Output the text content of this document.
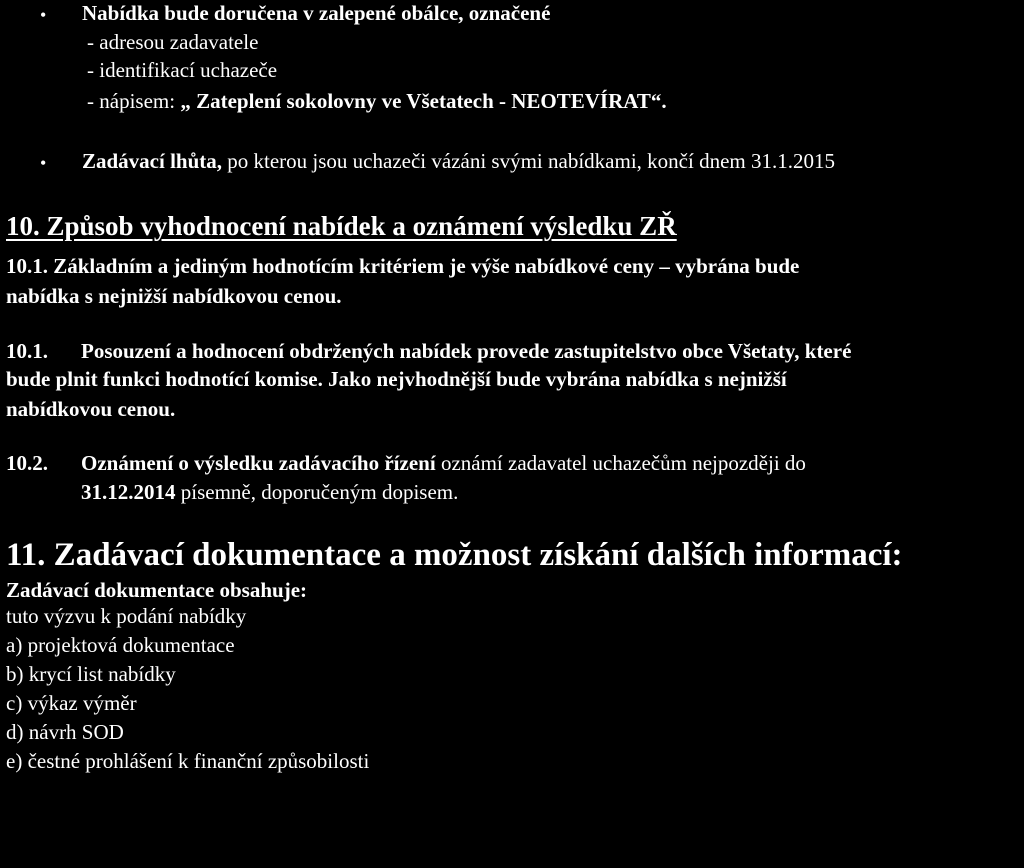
• Nabídka bude doručena v zalepené obálce, označené
- adresou zadavatele
- identifikací uchazeče
- nápisem: „ Zateplení sokolovny ve Všetatech - NEOTEVÍRAT“.
• Zadávací lhůta, po kterou jsou uchazeči vázáni svými nabídkami, končí dnem 31.1.2015
10. Způsob vyhodnocení nabídek a oznámení výsledku ZŘ
10.1. Základním a jediným hodnotícím kritériem je výše nabídkové ceny – vybrána bude
nabídka s nejnižší nabídkovou cenou.
10.1. Posouzení a hodnocení obdržených nabídek provede zastupitelstvo obce Všetaty, které
bude plnit funkci hodnotící komise. Jako nejvhodnější bude vybrána nabídka s nejnižší
nabídkovou cenou.
10.2. Oznámení o výsledku zadávacího řízení oznámí zadavatel uchazečům nejpozději do
31.12.2014 písemně, doporučeným dopisem.
11. Zadávací dokumentace a možnost získání dalších informací:
Zadávací dokumentace obsahuje:
tuto výzvu k podání nabídky
a) projektová dokumentace
b) krycí list nabídky
c) výkaz výměr
d) návrh SOD
e) čestné prohlášení k finanční způsobilosti
